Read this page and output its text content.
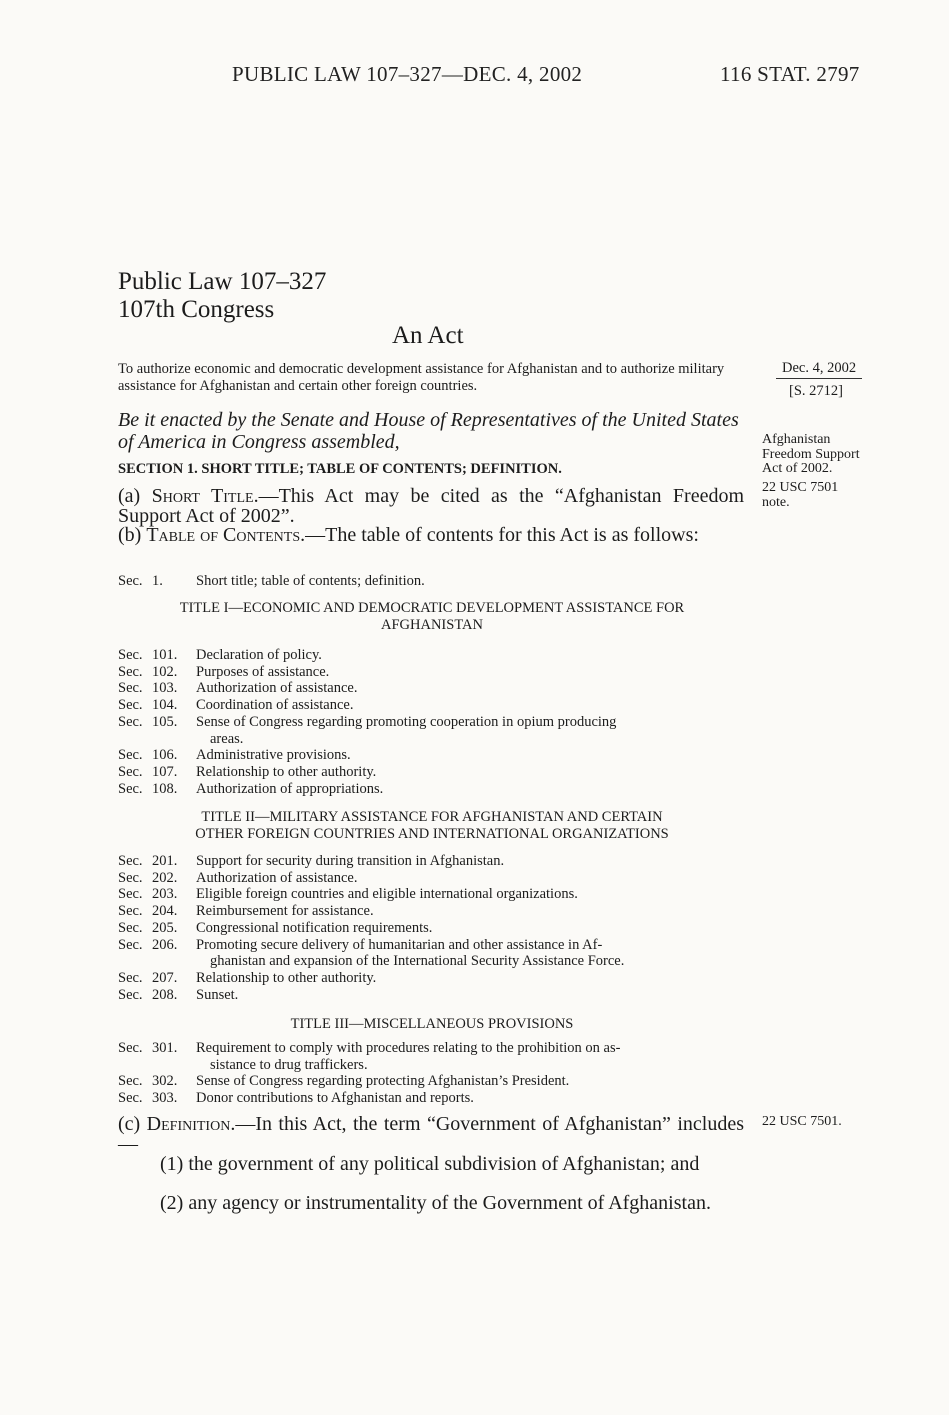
PUBLIC LAW 107–327—DEC. 4, 2002	116 STAT. 2797
Public Law 107–327
107th Congress
An Act
To authorize economic and democratic development assistance for Afghanistan and to authorize military assistance for Afghanistan and certain other foreign countries.
Dec. 4, 2002
[S. 2712]
Be it enacted by the Senate and House of Representatives of the United States of America in Congress assembled,	Afghanistan
Freedom Support
Act of 2002.
22 USC 7501
note.
SECTION 1. SHORT TITLE; TABLE OF CONTENTS; DEFINITION.
(a) Short Title.—This Act may be cited as the “Afghanistan Freedom Support Act of 2002”.
(b) Table of Contents.—The table of contents for this Act is as follows:
Sec. 1.	Short title; table of contents; definition.
TITLE I—ECONOMIC AND DEMOCRATIC DEVELOPMENT ASSISTANCE FOR
AFGHANISTAN
Sec. 101.	Declaration of policy.
Sec. 102.	Purposes of assistance.
Sec. 103.	Authorization of assistance.
Sec. 104.	Coordination of assistance.
Sec. 105.	Sense of Congress regarding promoting cooperation in opium producing
areas.
Sec. 106.	Administrative provisions.
Sec. 107.	Relationship to other authority.
Sec. 108.	Authorization of appropriations.
TITLE II—MILITARY ASSISTANCE FOR AFGHANISTAN AND CERTAIN
OTHER FOREIGN COUNTRIES AND INTERNATIONAL ORGANIZATIONS
Sec. 201.	Support for security during transition in Afghanistan.
Sec. 202.	Authorization of assistance.
Sec. 203.	Eligible foreign countries and eligible international organizations.
Sec. 204.	Reimbursement for assistance.
Sec. 205.	Congressional notification requirements.
Sec. 206.	Promoting secure delivery of humanitarian and other assistance in Af-
ghanistan and expansion of the International Security Assistance Force.
Sec. 207.	Relationship to other authority.
Sec. 208.	Sunset.
TITLE III—MISCELLANEOUS PROVISIONS
Sec. 301.	Requirement to comply with procedures relating to the prohibition on as-
sistance to drug traffickers.
Sec. 302.	Sense of Congress regarding protecting Afghanistan’s President.
Sec. 303.	Donor contributions to Afghanistan and reports.
(c) Definition.—In this Act, the term “Government of Afghanistan” includes—
22 USC 7501.
(1) the government of any political subdivision of Afghanistan; and
(2) any agency or instrumentality of the Government of Afghanistan.
